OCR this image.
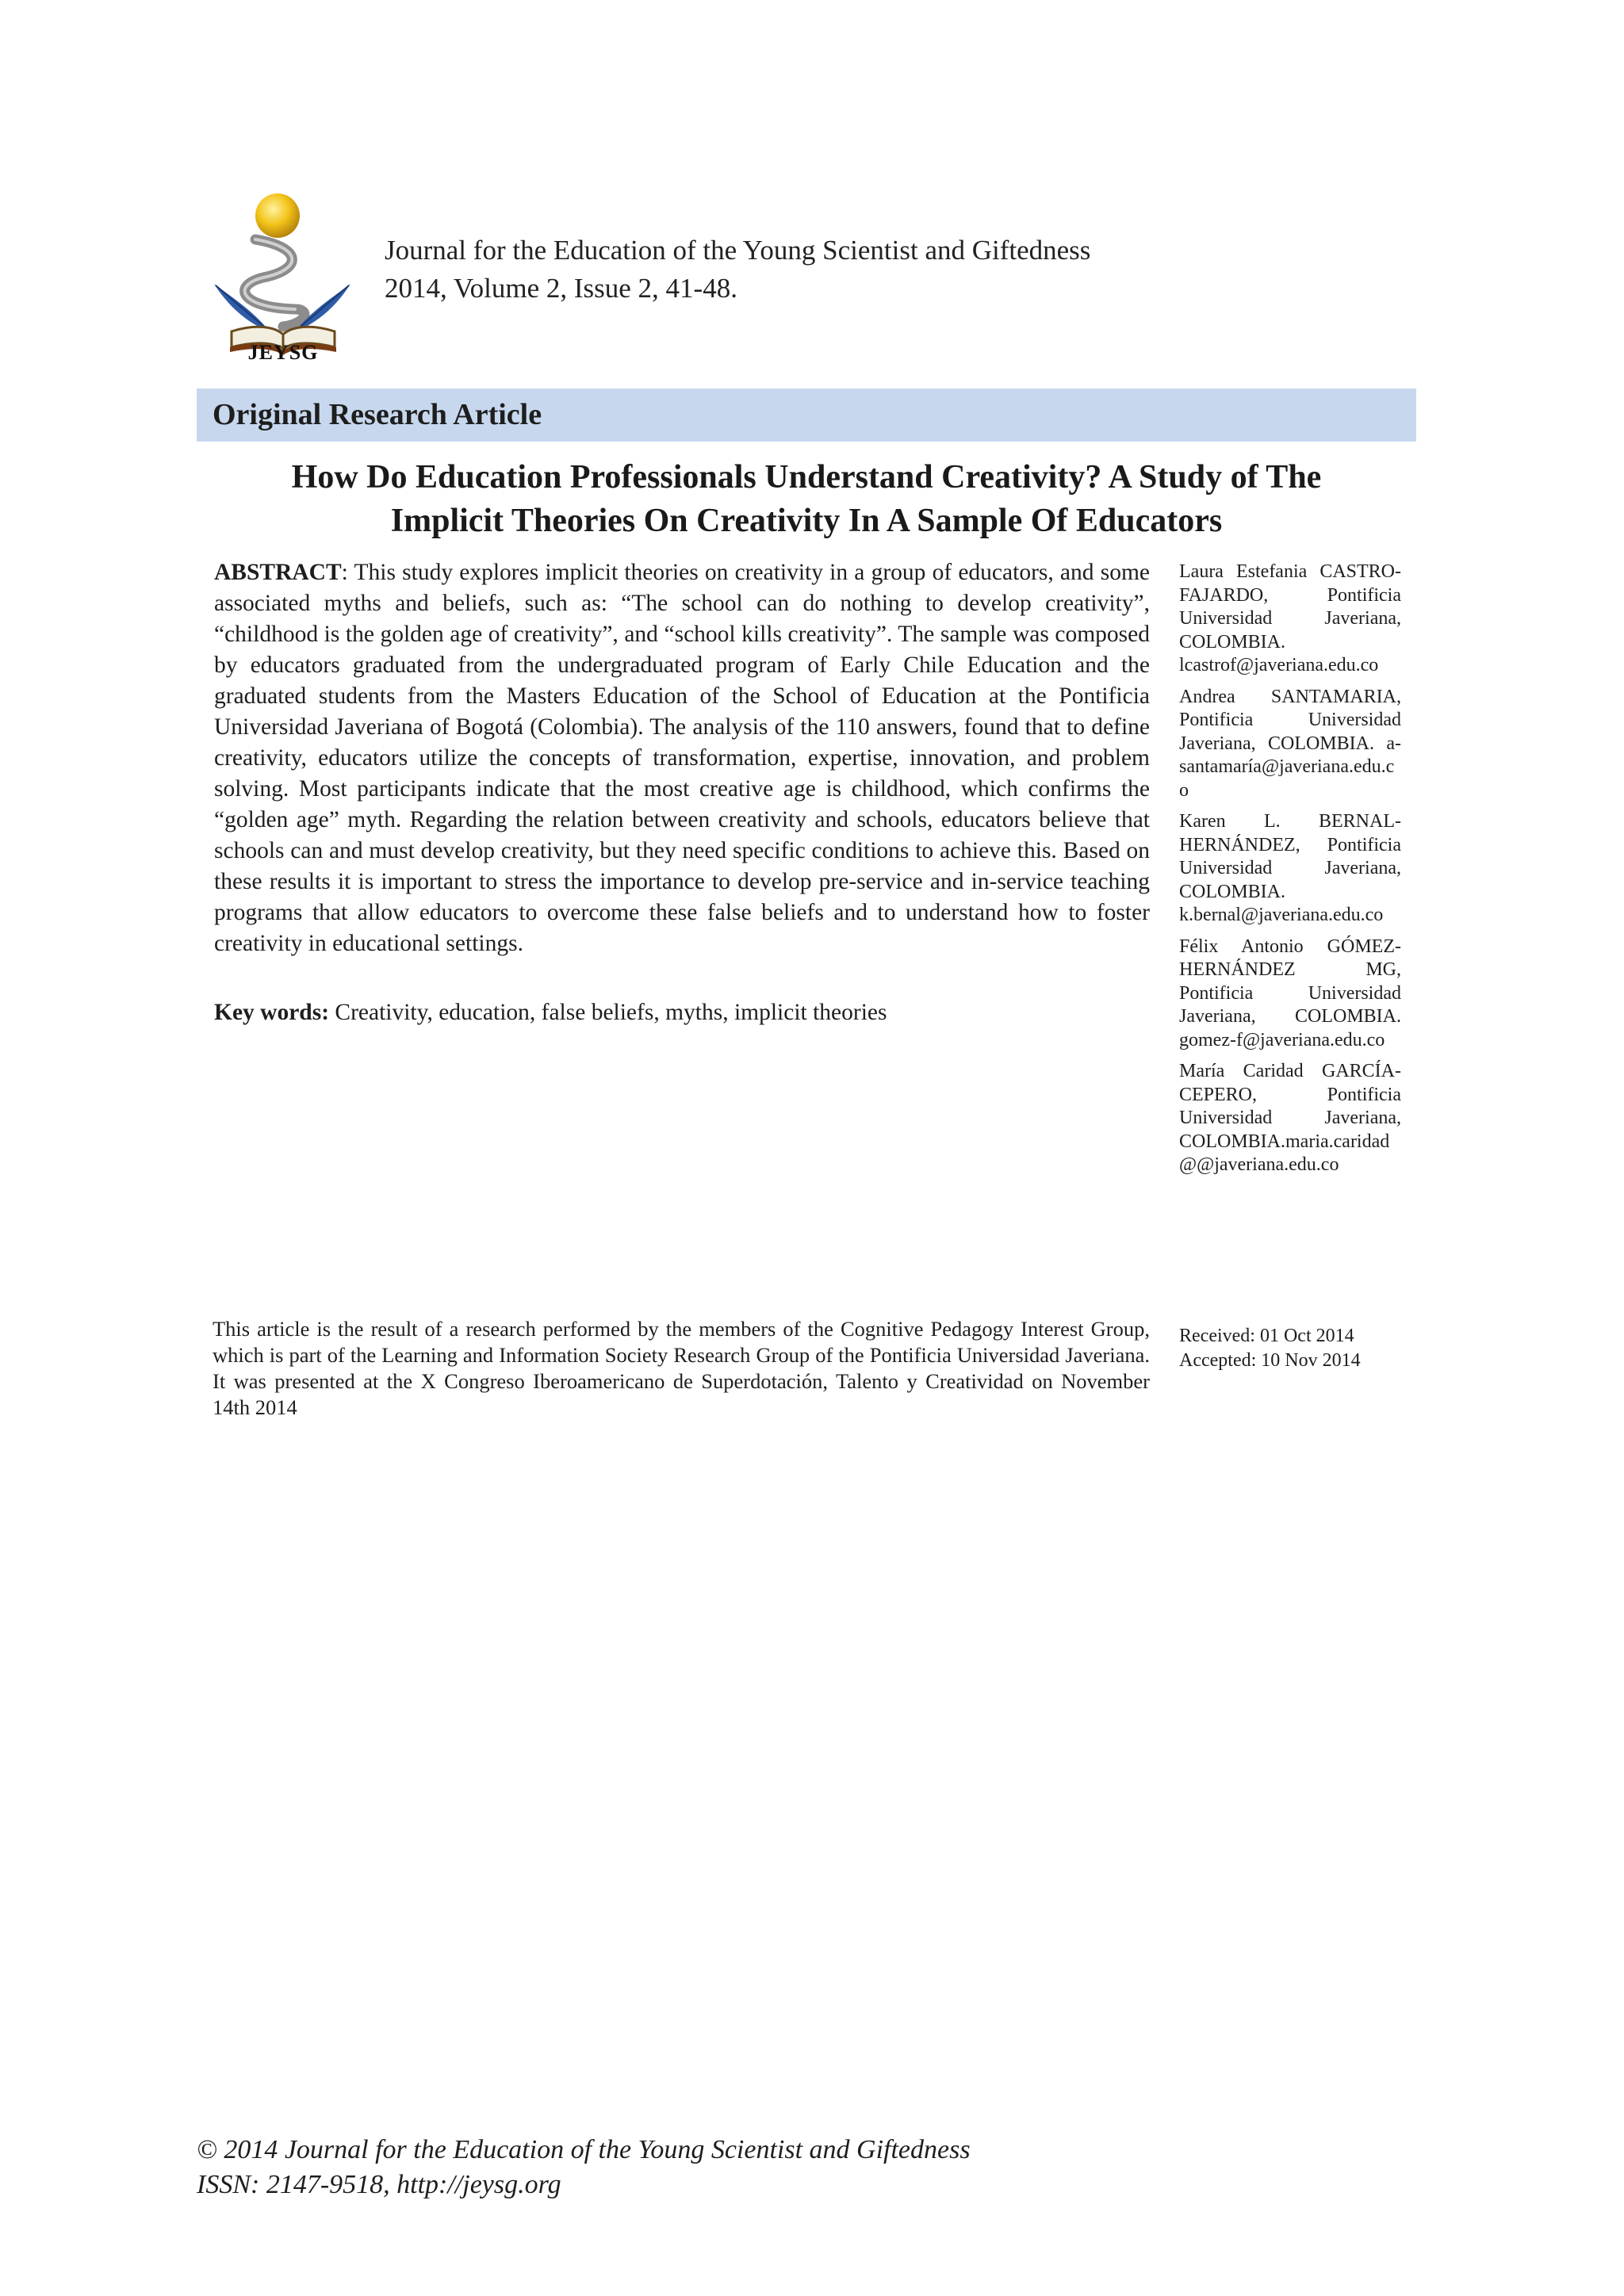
JEYSG
Journal for the Education of the Young Scientist and Giftedness
2014, Volume 2, Issue 2, 41-48.
Original Research Article
How Do Education Professionals Understand Creativity? A Study of The
Implicit Theories On Creativity In A Sample Of Educators
ABSTRACT: This study explores implicit theories on creativity in a group of educators, and some associated myths and beliefs, such as: “The school can do nothing to develop creativity”, “childhood is the golden age of creativity”, and “school kills creativity”. The sample was composed by educators graduated from the undergraduated program of Early Chile Education and the graduated students from the Masters Education of the School of Education at the Pontificia Universidad Javeriana of Bogotá (Colombia). The analysis of the 110 answers, found that to define creativity, educators utilize the concepts of transformation, expertise, innovation, and problem solving. Most participants indicate that the most creative age is childhood, which confirms the “golden age” myth. Regarding the relation between creativity and schools, educators believe that schools can and must develop creativity, but they need specific conditions to achieve this. Based on these results it is important to stress the importance to develop pre-service and in-service teaching programs that allow educators to overcome these false beliefs and to understand how to foster creativity in educational settings.
Key words: Creativity, education, false beliefs, myths, implicit theories
Laura Estefania CASTRO-FAJARDO, Pontificia Universidad Javeriana, COLOMBIA. lcastrof@javeriana.edu.co
Andrea SANTAMARIA, Pontificia Universidad Javeriana, COLOMBIA. a-santamaría@javeriana.edu.co
Karen L. BERNAL-HERNÁNDEZ, Pontificia Universidad Javeriana, COLOMBIA. k.bernal@javeriana.edu.co
Félix Antonio GÓMEZ-HERNÁNDEZ MG, Pontificia Universidad Javeriana, COLOMBIA. gomez-f@javeriana.edu.co
María Caridad GARCÍA-CEPERO, Pontificia Universidad Javeriana, COLOMBIA.maria.caridad@@javeriana.edu.co
This article is the result of a research performed by the members of the Cognitive Pedagogy Interest Group, which is part of the Learning and Information Society Research Group of the Pontificia Universidad Javeriana. It was presented at the X Congreso Iberoamericano de Superdotación, Talento y Creatividad on November 14th 2014
Received: 01 Oct 2014
Accepted: 10 Nov 2014
© 2014 Journal for the Education of the Young Scientist and Giftedness
ISSN: 2147-9518, http://jeysg.org
